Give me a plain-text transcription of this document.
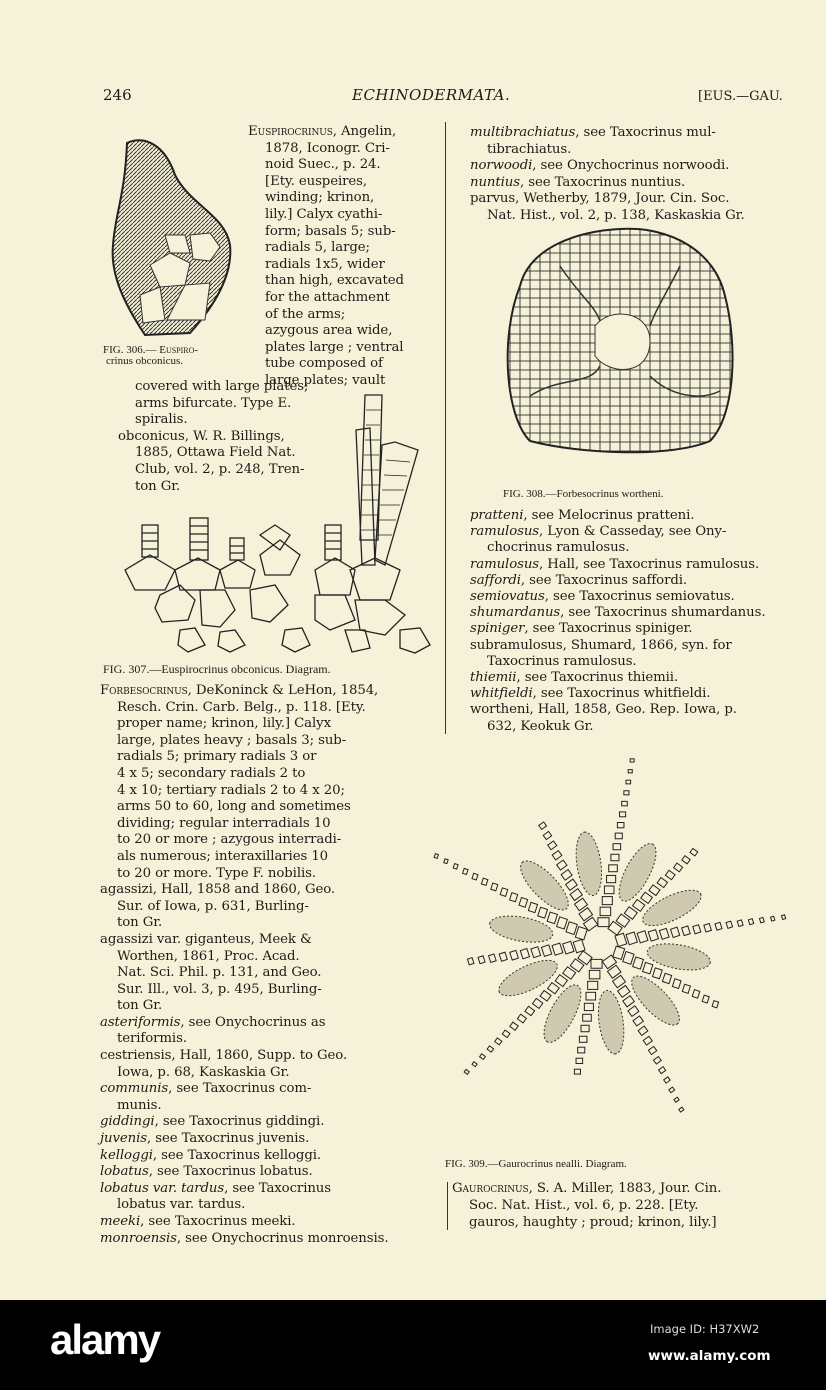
246	ECHINODERMATA.	[EUS.—GAU.
Euspirocrinus, Angelin,
1878, Iconogr. Cri-
noid Suec., p. 24.
[Ety. euspeires,
winding; krinon,
lily.] Calyx cyathi-
form; basals 5; sub-
radials 5, large;
radials 1x5, wider
than high, excavated
for the attachment
of the arms;
azygous area wide,
plates large ; ventral
tube composed of
large plates; vault
covered with large plates;
arms bifurcate. Type E.
spiralis.
obconicus, W. R. Billings,
1885, Ottawa Field Nat.
Club, vol. 2, p. 248, Tren-
ton Gr.
Forbesocrinus, DeKoninck & LeHon, 1854,
Resch. Crin. Carb. Belg., p. 118. [Ety.
proper name; krinon, lily.] Calyx
large, plates heavy ; basals 3; sub-
radials 5; primary radials 3 or
4 x 5; secondary radials 2 to
4 x 10; tertiary radials 2 to 4 x 20;
arms 50 to 60, long and sometimes
dividing; regular interradials 10
to 20 or more ; azygous interradi-
als numerous; interaxillaries 10
to 20 or more. Type F. nobilis.
agassizi, Hall, 1858 and 1860, Geo.
Sur. of Iowa, p. 631, Burling-
ton Gr.
agassizi var. giganteus, Meek &
Worthen, 1861, Proc. Acad.
Nat. Sci. Phil. p. 131, and Geo.
Sur. Ill., vol. 3, p. 495, Burling-
ton Gr.
asteriformis, see Onychocrinus as
teriformis.
cestriensis, Hall, 1860, Supp. to Geo.
Iowa, p. 68, Kaskaskia Gr.
communis, see Taxocrinus com-
munis.
giddingi, see Taxocrinus giddingi.
juvenis, see Taxocrinus juvenis.
kelloggi, see Taxocrinus kelloggi.
lobatus, see Taxocrinus lobatus.
lobatus var. tardus, see Taxocrinus
lobatus var. tardus.
meeki, see Taxocrinus meeki.
monroensis, see Onychocrinus monroensis.
multibrachiatus, see Taxocrinus mul-
tibrachiatus.
norwoodi, see Onychocrinus norwoodi.
nuntius, see Taxocrinus nuntius.
parvus, Wetherby, 1879, Jour. Cin. Soc.
Nat. Hist., vol. 2, p. 138, Kaskaskia Gr.
pratteni, see Melocrinus pratteni.
ramulosus, Lyon & Casseday, see Ony-
chocrinus ramulosus.
ramulosus, Hall, see Taxocrinus ramulosus.
saffordi, see Taxocrinus saffordi.
semiovatus, see Taxocrinus semiovatus.
shumardanus, see Taxocrinus shumardanus.
spiniger, see Taxocrinus spiniger.
subramulosus, Shumard, 1866, syn. for
Taxocrinus ramulosus.
thiemii, see Taxocrinus thiemii.
whitfieldi, see Taxocrinus whitfieldi.
wortheni, Hall, 1858, Geo. Rep. Iowa, p.
632, Keokuk Gr.
Gaurocrinus, S. A. Miller, 1883, Jour. Cin.
Soc. Nat. Hist., vol. 6, p. 228. [Ety.
gauros, haughty ; proud; krinon, lily.]
FIG. 306.— Euspiro-
crinus obconicus.
FIG. 307.—Euspirocrinus obconicus. Diagram.
FIG. 308.—Forbesocrinus wortheni.
FIG. 309.—Gaurocrinus nealli. Diagram.
alamy	Image ID: H37XW2
www.alamy.com
